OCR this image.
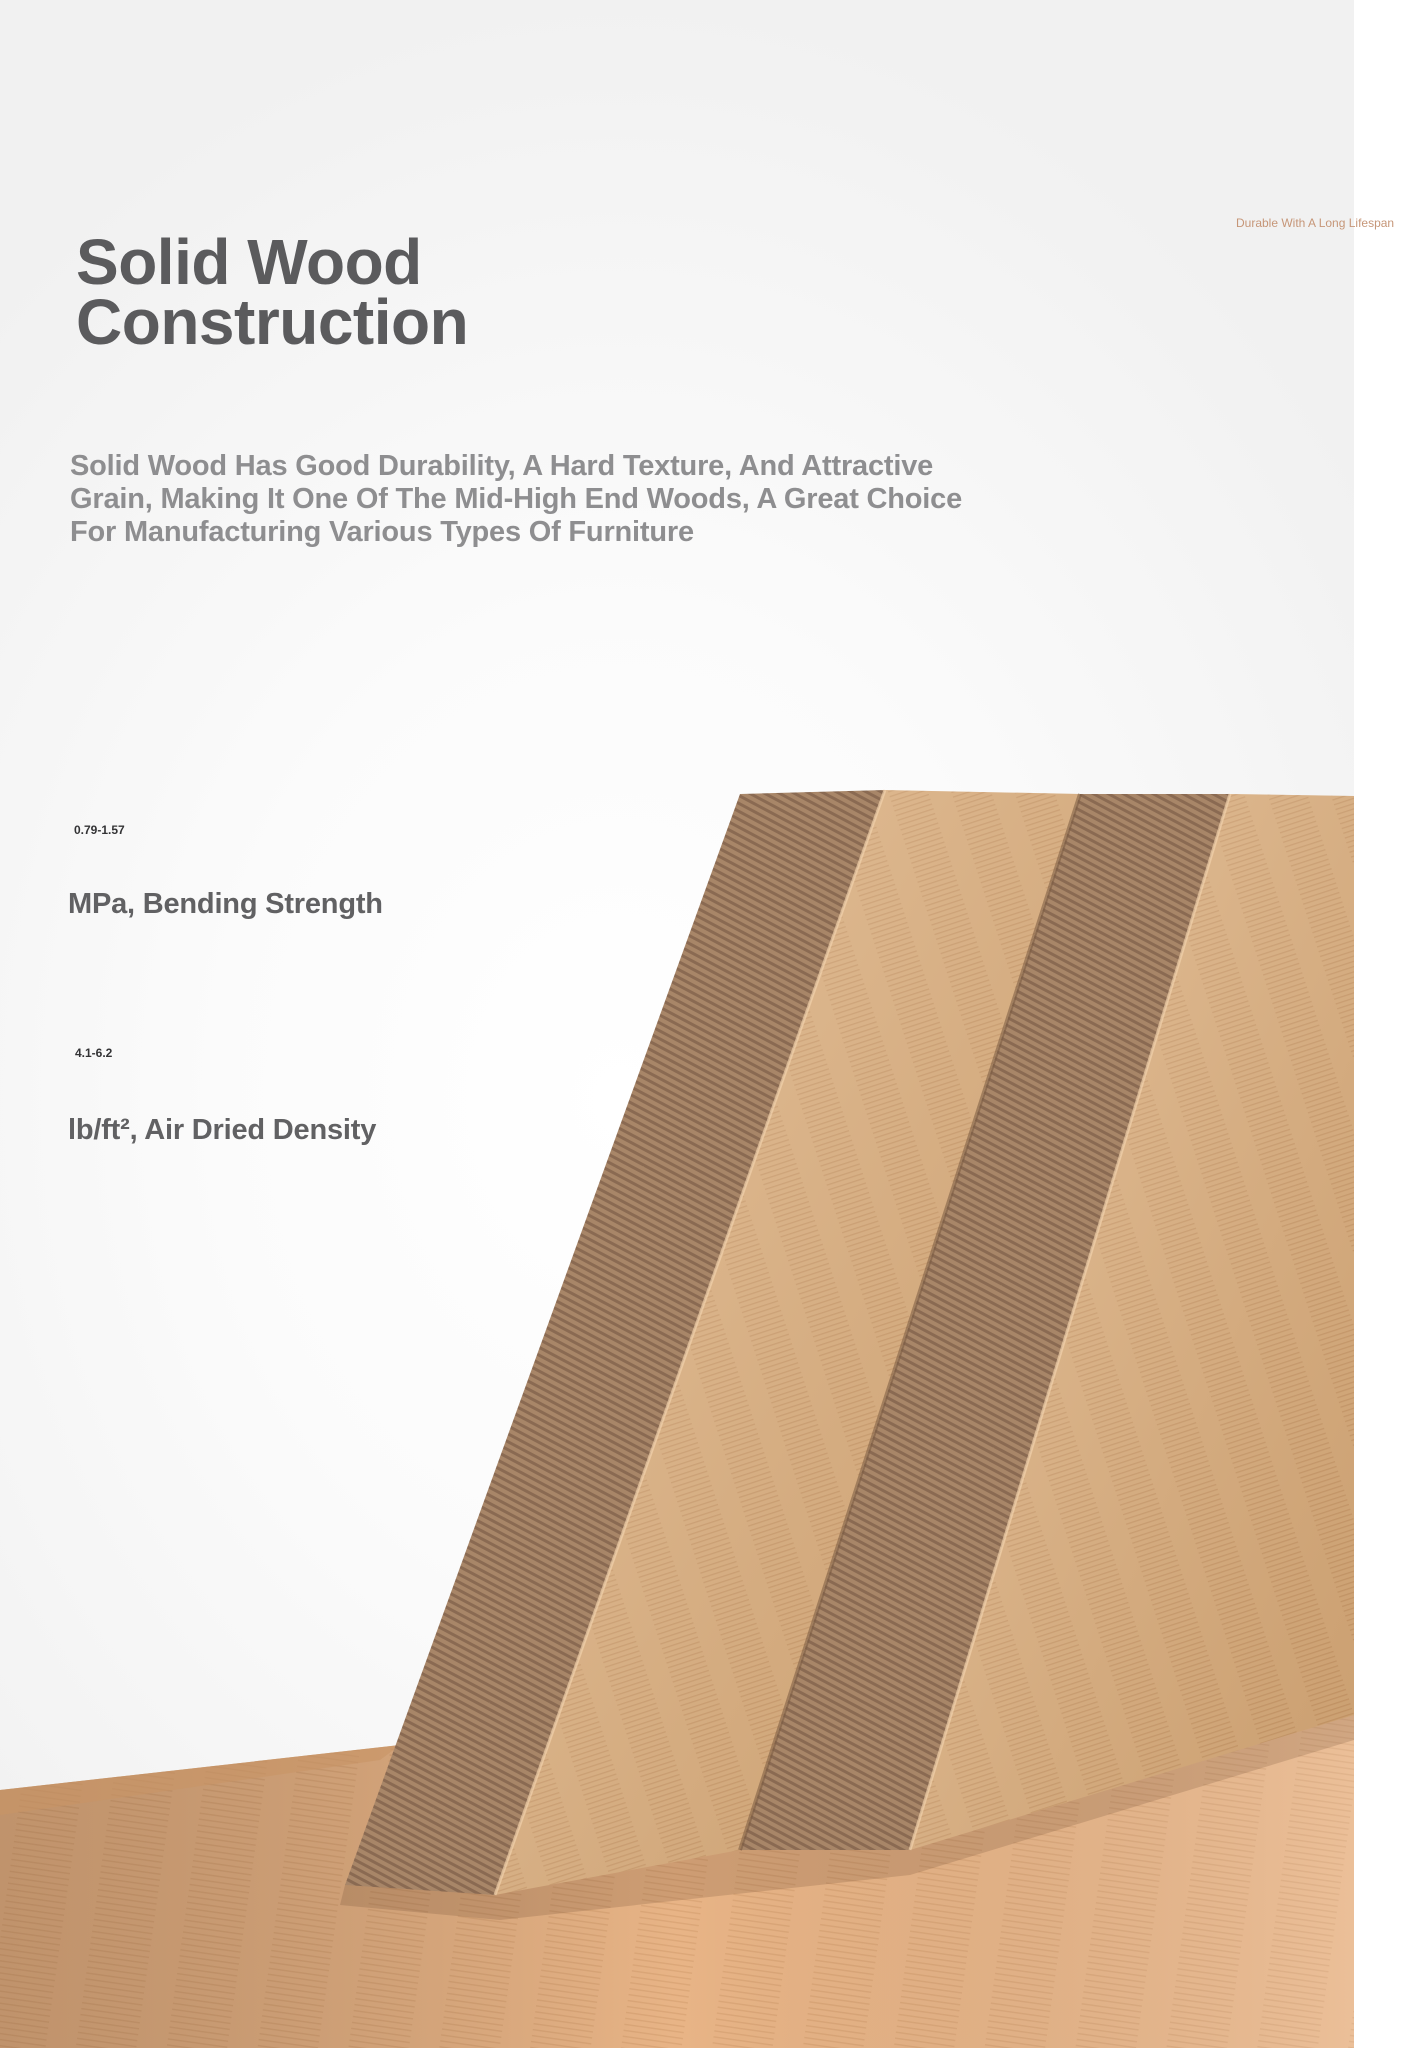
Solid Wood
Construction

Solid Wood Has Good Durability, A Hard Texture, And Attractive Grain, Making It One Of The Mid-High End Woods, A Great Choice For Manufacturing Various Types Of Furniture

0.79-1.57
MPa, Bending Strength
4.1-6.2
lb/ft², Air Dried Density
Durable With A Long Lifespan
